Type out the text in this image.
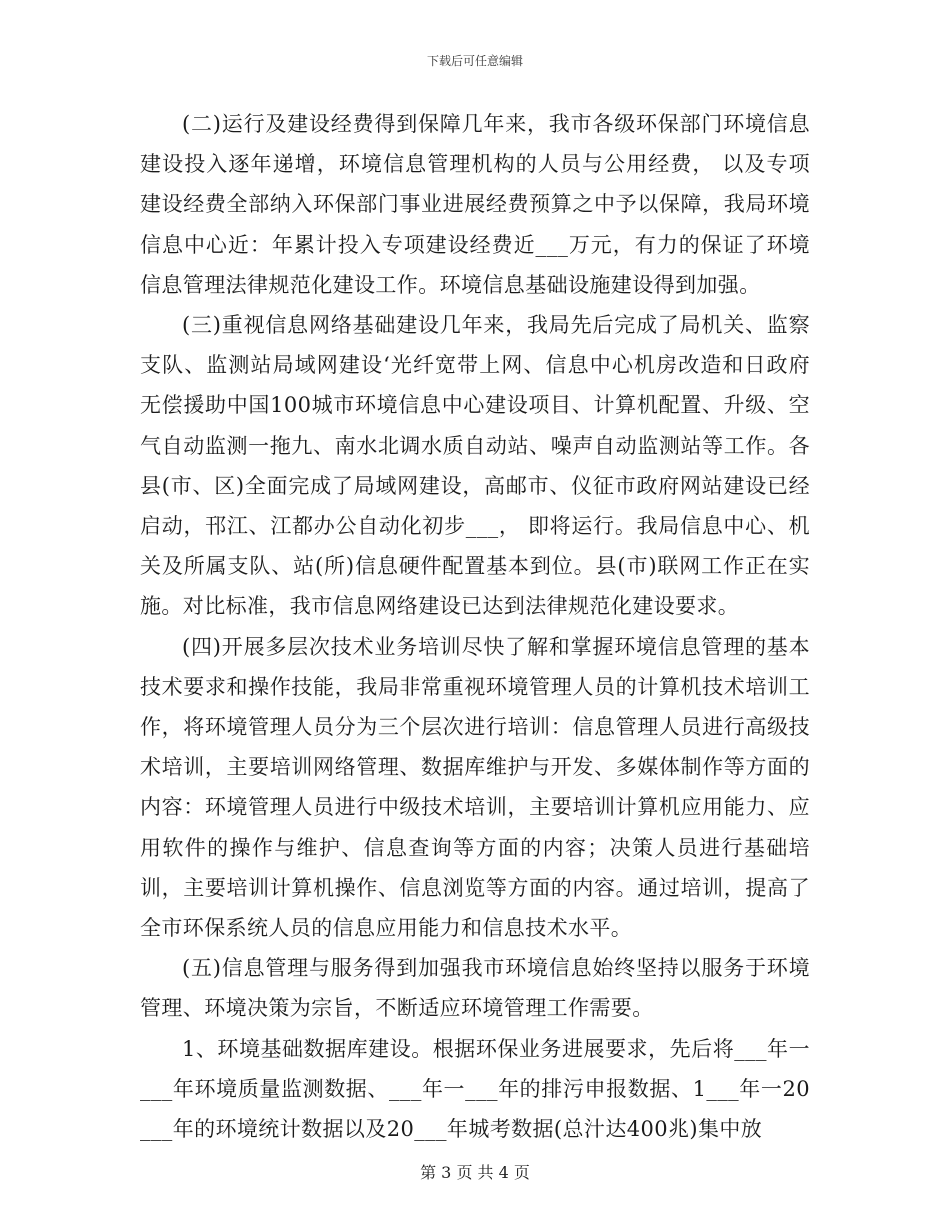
下载后可任意编辑

(二)运行及建设经费得到保障几年来，我市各级环保部门环境信息建设投入逐年递增，环境信息管理机构的人员与公用经费， 以及专项建设经费全部纳入环保部门事业进展经费预算之中予以保障，我局环境信息中心近：年累计投入专项建设经费近___万元，有力的保证了环境信息管理法律规范化建设工作。环境信息基础设施建设得到加强。

(三)重视信息网络基础建设几年来，我局先后完成了局机关、监察支队、监测站局域网建设‘光纤宽带上网、信息中心机房改造和日政府无偿援助中国100城市环境信息中心建设项目、计算机配置、升级、空气自动监测一拖九、南水北调水质自动站、噪声自动监测站等工作。各县(市、区)全面完成了局域网建设，高邮市、仪征市政府网站建设已经启动，邗江、江都办公自动化初步___， 即将运行。我局信息中心、机关及所属支队、站(所)信息硬件配置基本到位。县(市)联网工作正在实施。对比标准，我市信息网络建设已达到法律规范化建设要求。

(四)开展多层次技术业务培训尽快了解和掌握环境信息管理的基本技术要求和操作技能，我局非常重视环境管理人员的计算机技术培训工作，将环境管理人员分为三个层次进行培训：信息管理人员进行高级技术培训，主要培训网络管理、数据库维护与开发、多媒体制作等方面的内容：环境管理人员进行中级技术培训，主要培训计算机应用能力、应用软件的操作与维护、信息查询等方面的内容；决策人员进行基础培训，主要培训计算机操作、信息浏览等方面的内容。通过培训，提高了全市环保系统人员的信息应用能力和信息技术水平。

(五)信息管理与服务得到加强我市环境信息始终坚持以服务于环境管理、环境决策为宗旨，不断适应环境管理工作需要。

1、环境基础数据库建设。根据环保业务进展要求，先后将___年一___年环境质量监测数据、___年一___年的排污申报数据、1___年一20___年的环境统计数据以及20___年城考数据(总汁达400兆)集中放

第 3 页 共 4 页
